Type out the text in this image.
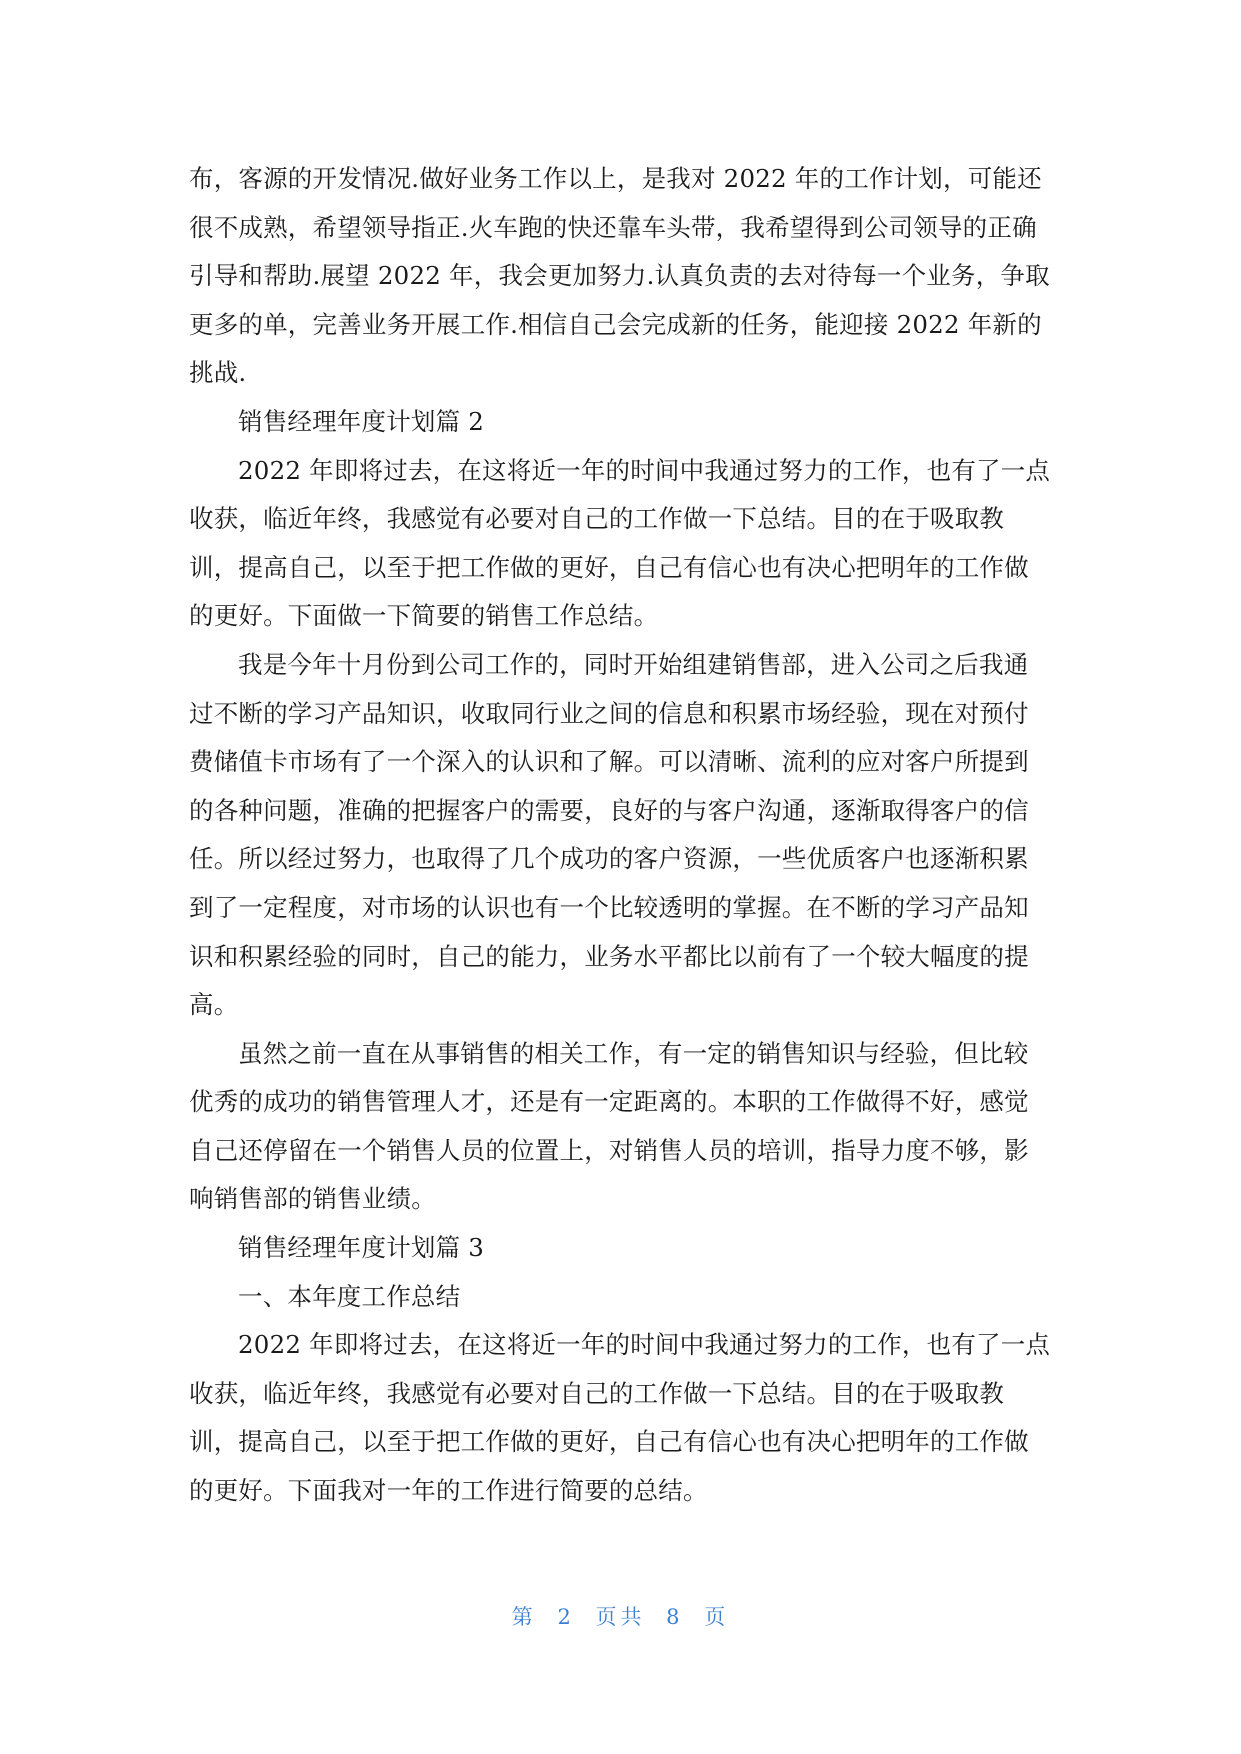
布，客源的开发情况.做好业务工作以上，是我对 2022 年的工作计划，可能还
很不成熟，希望领导指正.火车跑的快还靠车头带，我希望得到公司领导的正确
引导和帮助.展望 2022 年，我会更加努力.认真负责的去对待每一个业务，争取
更多的单，完善业务开展工作.相信自己会完成新的任务，能迎接 2022 年新的
挑战.
销售经理年度计划篇 2
2022 年即将过去，在这将近一年的时间中我通过努力的工作，也有了一点
收获，临近年终，我感觉有必要对自己的工作做一下总结。目的在于吸取教
训，提高自己，以至于把工作做的更好，自己有信心也有决心把明年的工作做
的更好。下面做一下简要的销售工作总结。
我是今年十月份到公司工作的，同时开始组建销售部，进入公司之后我通
过不断的学习产品知识，收取同行业之间的信息和积累市场经验，现在对预付
费储值卡市场有了一个深入的认识和了解。可以清晰、流利的应对客户所提到
的各种问题，准确的把握客户的需要，良好的与客户沟通，逐渐取得客户的信
任。所以经过努力，也取得了几个成功的客户资源，一些优质客户也逐渐积累
到了一定程度，对市场的认识也有一个比较透明的掌握。在不断的学习产品知
识和积累经验的同时，自己的能力，业务水平都比以前有了一个较大幅度的提
高。
虽然之前一直在从事销售的相关工作，有一定的销售知识与经验，但比较
优秀的成功的销售管理人才，还是有一定距离的。本职的工作做得不好，感觉
自己还停留在一个销售人员的位置上，对销售人员的培训，指导力度不够，影
响销售部的销售业绩。
销售经理年度计划篇 3
一、本年度工作总结
2022 年即将过去，在这将近一年的时间中我通过努力的工作，也有了一点
收获，临近年终，我感觉有必要对自己的工作做一下总结。目的在于吸取教
训，提高自己，以至于把工作做的更好，自己有信心也有决心把明年的工作做
的更好。下面我对一年的工作进行简要的总结。
第 2 页共 8 页
